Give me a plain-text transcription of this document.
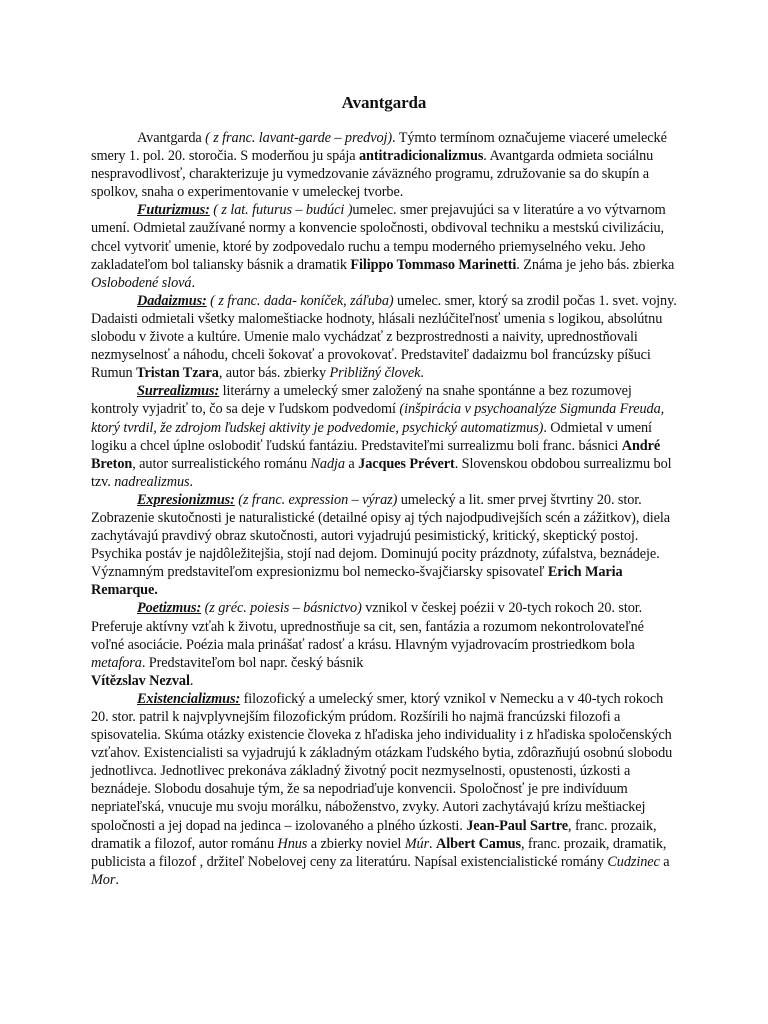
Avantgarda

Avantgarda ( z franc. lavant-garde – predvoj). Týmto termínom označujeme viaceré umelecké smery 1. pol. 20. storočia. S moderňou ju spája antitradicionalizmus. Avantgarda odmieta sociálnu nespravodlivosť, charakterizuje ju vymedzovanie záväzného programu, združovanie sa do skupín a spolkov, snaha o experimentovanie v umeleckej tvorbe.

Futurizmus: ( z lat. futurus – budúci )umelec. smer prejavujúci sa v literatúre a vo výtvarnom umení. Odmietal zaužívané normy a konvencie spoločnosti, obdivoval techniku a mestskú civilizáciu, chcel vytvoriť umenie, ktoré by zodpovedalo ruchu a tempu moderného priemyselného veku. Jeho zakladateľom bol taliansky básnik a dramatik Filippo Tommaso Marinetti. Známa je jeho bás. zbierka Oslobodené slová.

Dadaizmus: ( z franc. dada- koníček, záľuba) umelec. smer, ktorý sa zrodil počas 1. svet. vojny. Dadaisti odmietali všetky malomeštiacke hodnoty, hlásali nezlúčiteľnosť umenia s logikou, absolútnu slobodu v živote a kultúre. Umenie malo vychádzať z bezprostrednosti a naivity, uprednostňovali nezmyselnosť a náhodu, chceli šokovať a provokovať. Predstaviteľ dadaizmu bol francúzsky píšuci Rumun Tristan Tzara, autor bás. zbierky Približný človek.

Surrealizmus: literárny a umelecký smer založený na snahe spontánne a bez rozumovej kontroly vyjadriť to, čo sa deje v ľudskom podvedomí (inšpirácia v psychoanalýze Sigmunda Freuda, ktorý tvrdil, že zdrojom ľudskej aktivity je podvedomie, psychický automatizmus). Odmietal v umení logiku a chcel úplne oslobodiť ľudskú fantáziu. Predstaviteľmi surrealizmu boli franc. básnici André Breton, autor surrealistického románu Nadja a Jacques Prévert. Slovenskou obdobou surrealizmu bol tzv. nadrealizmus.

Expresionizmus: (z franc. expression – výraz) umelecký a lit. smer prvej štvrtiny 20. stor. Zobrazenie skutočnosti je naturalistické (detailné opisy aj tých najodpudivejších scén a zážitkov), diela zachytávajú pravdivý obraz skutočnosti, autori vyjadrujú pesimistický, kritický, skeptický postoj. Psychika postáv je najdôležitejšia, stojí nad dejom. Dominujú pocity prázdnoty, zúfalstva, beznádeje. Významným predstaviteľom expresionizmu bol nemecko-švajčiarsky spisovateľ Erich Maria Remarque.

Poetizmus: (z gréc. poiesis – básnictvo) vznikol v českej poézii v 20-tych rokoch 20. stor. Preferuje aktívny vzťah k životu, uprednostňuje sa cit, sen, fantázia a rozumom nekontrolovateľné voľné asociácie. Poézia mala prinášať radosť a krásu. Hlavným vyjadrovacím prostriedkom bola metafora. Predstaviteľom bol napr. český básnik
Vítězslav Nezval.

Existencializmus: filozofický a umelecký smer, ktorý vznikol v Nemecku a v 40-tych rokoch 20. stor. patril k najvplyvnejším filozofickým prúdom. Rozšírili ho najmä francúzski filozofi a spisovatelia. Skúma otázky existencie človeka z hľadiska jeho individuality i z hľadiska spoločenských vzťahov. Existencialisti sa vyjadrujú k základným otázkam ľudského bytia, zdôrazňujú osobnú slobodu jednotlivca. Jednotlivec prekonáva základný životný pocit nezmyselnosti, opustenosti, úzkosti a beznádeje. Slobodu dosahuje tým, že sa nepodriaďuje konvencii. Spoločnosť je pre indivíduum nepriateľská, vnucuje mu svoju morálku, náboženstvo, zvyky. Autori zachytávajú krízu meštiackej spoločnosti a jej dopad na jedinca – izolovaného a plného úzkosti. Jean-Paul Sartre, franc. prozaik, dramatik a filozof, autor románu Hnus a zbierky noviel Múr. Albert Camus, franc. prozaik, dramatik, publicista a filozof , držiteľ Nobelovej ceny za literatúru. Napísal existencialistické romány Cudzinec a Mor.
